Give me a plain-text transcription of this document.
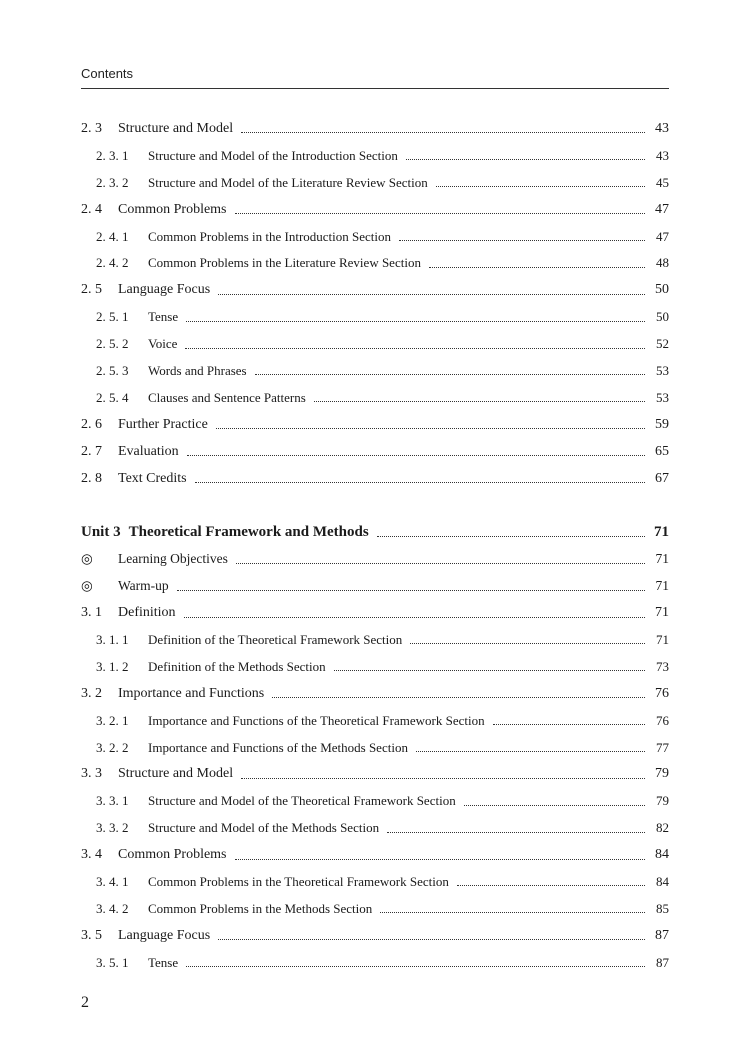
Contents
2. 3	Structure and Model	43
2. 3. 1	Structure and Model of the Introduction Section	43
2. 3. 2	Structure and Model of the Literature Review Section	45
2. 4	Common Problems	47
2. 4. 1	Common Problems in the Introduction Section	47
2. 4. 2	Common Problems in the Literature Review Section	48
2. 5	Language Focus	50
2. 5. 1	Tense	50
2. 5. 2	Voice	52
2. 5. 3	Words and Phrases	53
2. 5. 4	Clauses and Sentence Patterns	53
2. 6	Further Practice	59
2. 7	Evaluation	65
2. 8	Text Credits	67
Unit 3 Theoretical Framework and Methods	71
◎	Learning Objectives	71
◎	Warm-up	71
3. 1	Definition	71
3. 1. 1	Definition of the Theoretical Framework Section	71
3. 1. 2	Definition of the Methods Section	73
3. 2	Importance and Functions	76
3. 2. 1	Importance and Functions of the Theoretical Framework Section	76
3. 2. 2	Importance and Functions of the Methods Section	77
3. 3	Structure and Model	79
3. 3. 1	Structure and Model of the Theoretical Framework Section	79
3. 3. 2	Structure and Model of the Methods Section	82
3. 4	Common Problems	84
3. 4. 1	Common Problems in the Theoretical Framework Section	84
3. 4. 2	Common Problems in the Methods Section	85
3. 5	Language Focus	87
3. 5. 1	Tense	87
2
